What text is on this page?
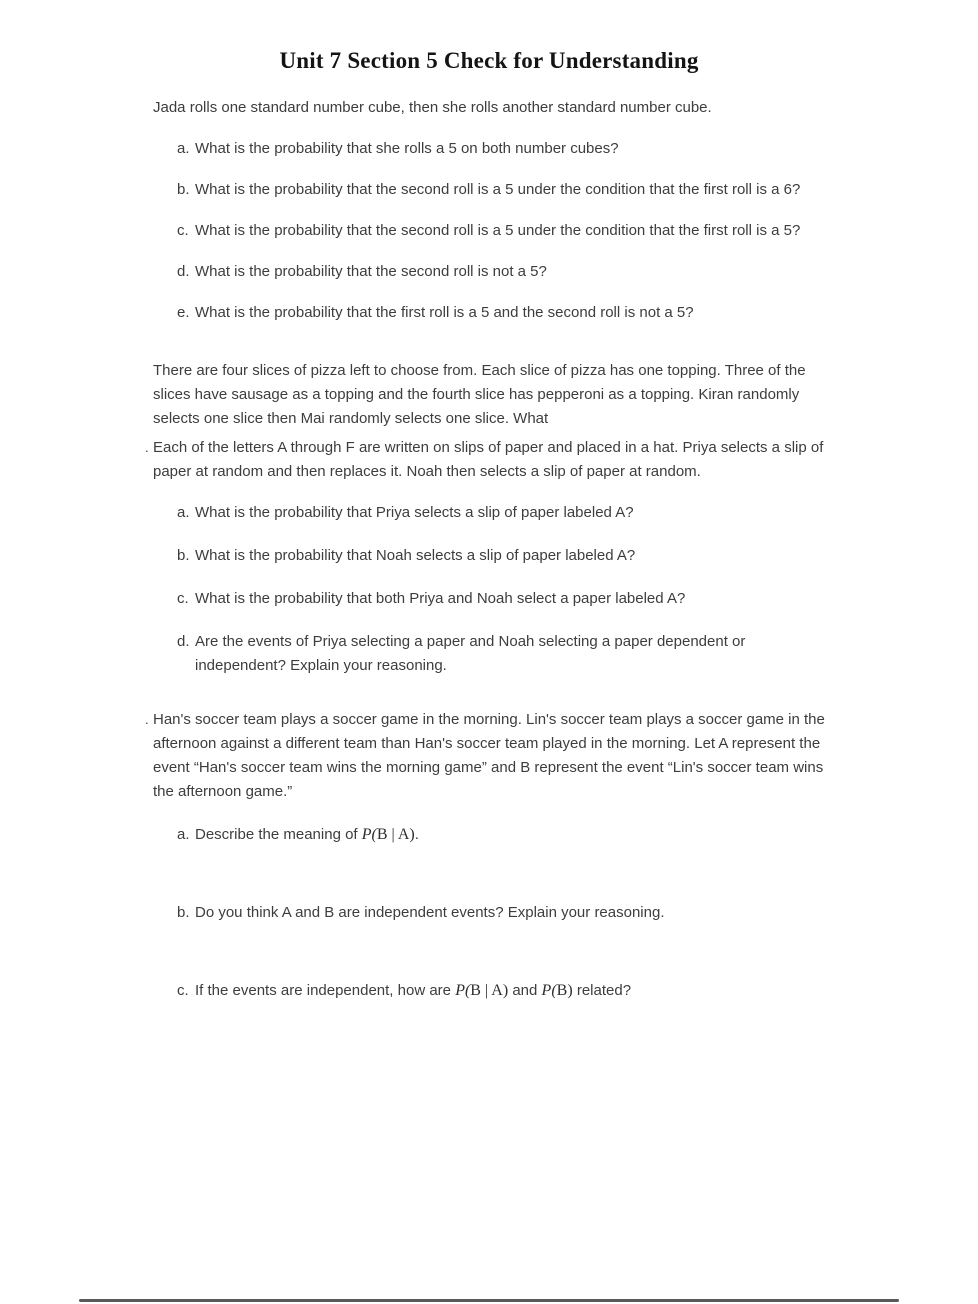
Unit 7 Section 5 Check for Understanding

Jada rolls one standard number cube, then she rolls another standard number cube.

a. What is the probability that she rolls a 5 on both number cubes?
b. What is the probability that the second roll is a 5 under the condition that the first roll is a 6?
c. What is the probability that the second roll is a 5 under the condition that the first roll is a 5?
d. What is the probability that the second roll is not a 5?
e. What is the probability that the first roll is a 5 and the second roll is not a 5?

There are four slices of pizza left to choose from. Each slice of pizza has one topping. Three of the slices have sausage as a topping and the fourth slice has pepperoni as a topping. Kiran randomly selects one slice then Mai randomly selects one slice. What

. Each of the letters A through F are written on slips of paper and placed in a hat. Priya selects a slip of paper at random and then replaces it. Noah then selects a slip of paper at random.

a. What is the probability that Priya selects a slip of paper labeled A?
b. What is the probability that Noah selects a slip of paper labeled A?
c. What is the probability that both Priya and Noah select a paper labeled A?
d. Are the events of Priya selecting a paper and Noah selecting a paper dependent or independent? Explain your reasoning.

. Han's soccer team plays a soccer game in the morning. Lin's soccer team plays a soccer game in the afternoon against a different team than Han's soccer team played in the morning. Let A represent the event “Han's soccer team wins the morning game” and B represent the event “Lin's soccer team wins the afternoon game.”

a. Describe the meaning of P(B | A).
b. Do you think A and B are independent events? Explain your reasoning.
c. If the events are independent, how are P(B | A) and P(B) related?
